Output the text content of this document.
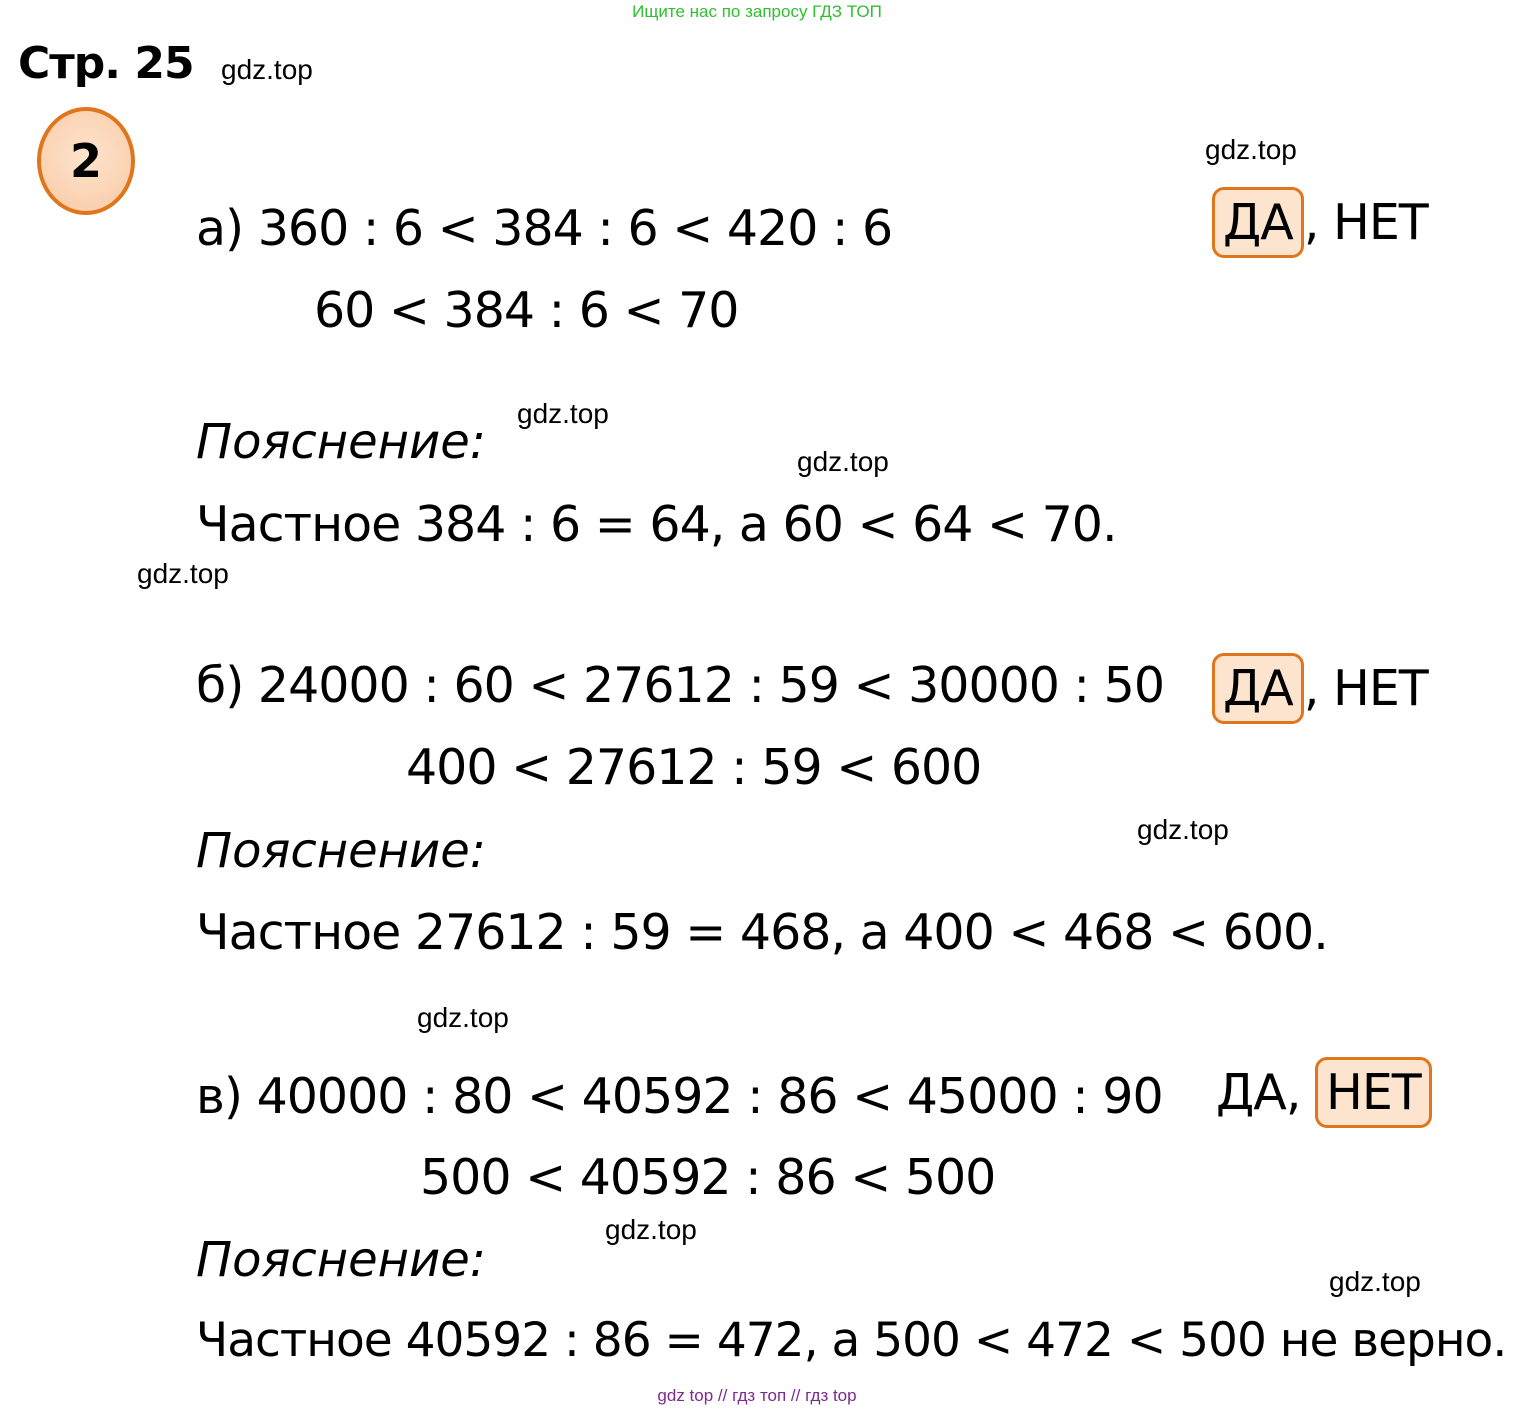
Ищите нас по запросу ГДЗ ТОП
Стр. 25 gdz.top
2	gdz.top
gdz.top
gdz.top
gdz.top
gdz.top
gdz.top
gdz.top
gdz.top
а) 360 : 6 < 384 : 6 < 420 : 6	ДА , НЕТ
60 < 384 : 6 < 70
Пояснение:
Частное 384 : 6 = 64, а 60 < 64 < 70.
б) 24000 : 60 < 27612 : 59 < 30000 : 50 ДА , НЕТ
400 < 27612 : 59 < 600
Пояснение:
Частное 27612 : 59 = 468, а 400 < 468 < 600.
в) 40000 : 80 < 40592 : 86 < 45000 : 90 ДА, НЕТ
500 < 40592 : 86 < 500
Пояснение:
Частное 40592 : 86 = 472, а 500 < 472 < 500 не верно.
gdz top // гдз топ // гдз top
